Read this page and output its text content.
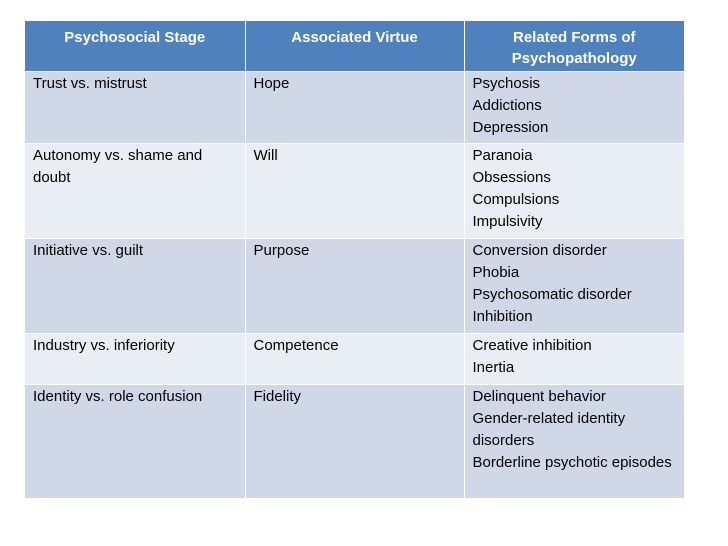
Psychosocial Stage	Associated Virtue	Related Forms of Psychopathology

Trust vs. mistrust	Hope	Psychosis
Addictions
Depression

Autonomy vs. shame and doubt	Will	Paranoia
Obsessions
Compulsions
Impulsivity

Initiative vs. guilt	Purpose	Conversion disorder
Phobia
Psychosomatic disorder
Inhibition

Industry vs. inferiority	Competence	Creative inhibition
Inertia

Identity vs. role confusion	Fidelity	Delinquent behavior
Gender-related identity disorders
Borderline psychotic episodes
